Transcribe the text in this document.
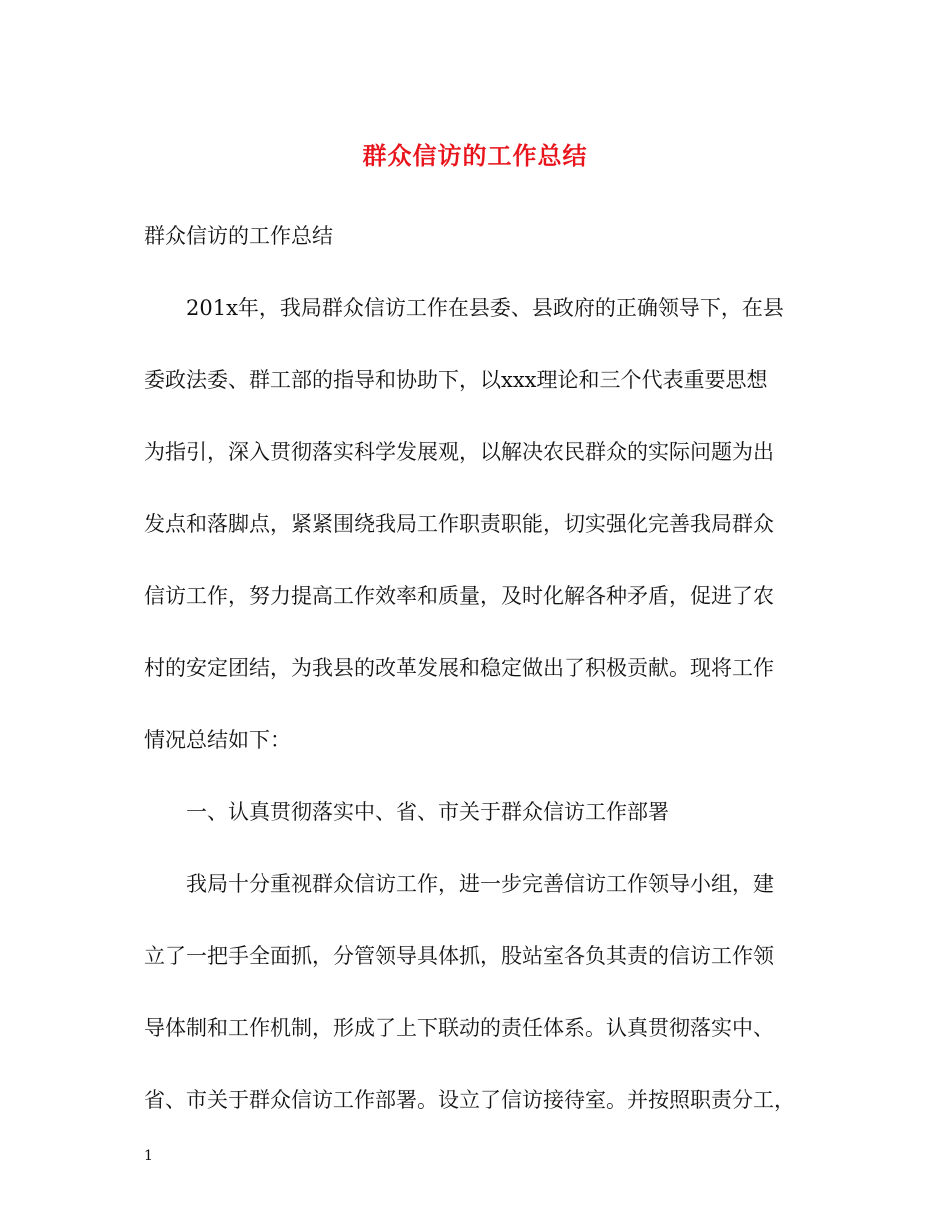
群众信访的工作总结
群众信访的工作总结
201x年，我局群众信访工作在县委、县政府的正确领导下，在县
委政法委、群工部的指导和协助下，以xxx理论和三个代表重要思想
为指引，深入贯彻落实科学发展观，以解决农民群众的实际问题为出
发点和落脚点，紧紧围绕我局工作职责职能，切实强化完善我局群众
信访工作，努力提高工作效率和质量，及时化解各种矛盾，促进了农
村的安定团结，为我县的改革发展和稳定做出了积极贡献。现将工作
情况总结如下：
一、认真贯彻落实中、省、市关于群众信访工作部署
我局十分重视群众信访工作，进一步完善信访工作领导小组，建
立了一把手全面抓，分管领导具体抓，股站室各负其责的信访工作领
导体制和工作机制，形成了上下联动的责任体系。认真贯彻落实中、
省、市关于群众信访工作部署。设立了信访接待室。并按照职责分工，
1
